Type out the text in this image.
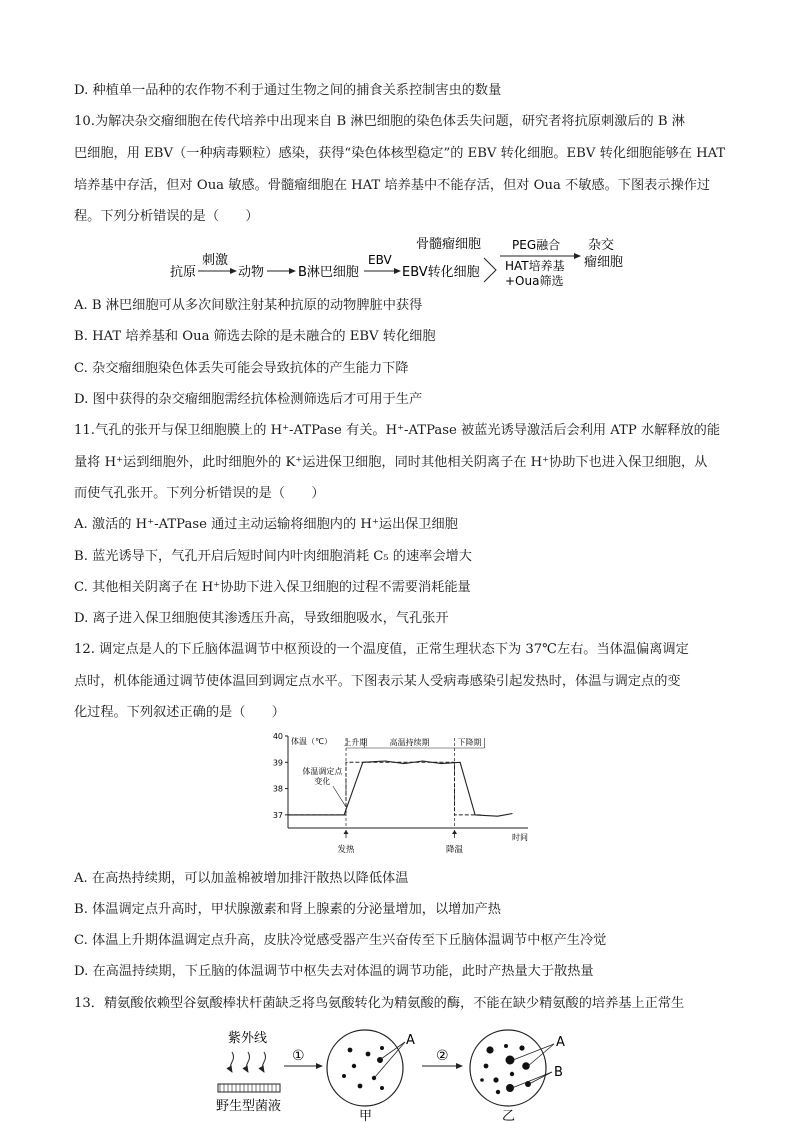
D. 种植单一品种的农作物不利于通过生物之间的捕食关系控制害虫的数量
10.为解决杂交瘤细胞在传代培养中出现来自 B 淋巴细胞的染色体丢失问题，研究者将抗原刺激后的 B 淋
巴细胞，用 EBV（一种病毒颗粒）感染，获得“染色体核型稳定”的 EBV 转化细胞。EBV 转化细胞能够在 HAT
培养基中存活，但对 Oua 敏感。骨髓瘤细胞在 HAT 培养基中不能存活，但对 Oua 不敏感。下图表示操作过
程。下列分析错误的是（　　）
抗原
刺激
动物	B淋巴细胞
EBV
EBV转化细胞
骨髓瘤细胞	PEG融合
HAT培养基
+Oua筛选
杂交
瘤细胞
A. B 淋巴细胞可从多次间歇注射某种抗原的动物脾脏中获得
B. HAT 培养基和 Oua 筛选去除的是未融合的 EBV 转化细胞
C. 杂交瘤细胞染色体丢失可能会导致抗体的产生能力下降
D. 图中获得的杂交瘤细胞需经抗体检测筛选后才可用于生产
11.气孔的张开与保卫细胞膜上的 H⁺-ATPase 有关。H⁺-ATPase 被蓝光诱导激活后会利用 ATP 水解释放的能
量将 H⁺运到细胞外，此时细胞外的 K⁺运进保卫细胞，同时其他相关阴离子在 H⁺协助下也进入保卫细胞，从
而使气孔张开。下列分析错误的是（　　）
A. 激活的 H⁺-ATPase 通过主动运输将细胞内的 H⁺运出保卫细胞
B. 蓝光诱导下，气孔开启后短时间内叶肉细胞消耗 C₅ 的速率会增大
C. 其他相关阴离子在 H⁺协助下进入保卫细胞的过程不需要消耗能量
D. 离子进入保卫细胞使其渗透压升高，导致细胞吸水，气孔张开
12. 调定点是人的下丘脑体温调节中枢预设的一个温度值，正常生理状态下为 37℃左右。当体温偏离调定
点时，机体能通过调节使体温回到调定点水平。下图表示某人受病毒感染引起发热时，体温与调定点的变
化过程。下列叙述正确的是（　　）
37
38
39
40
体温（℃）
时间
上升期	高温持续期	下降期
体温调定点
变化
发热	降温
A. 在高热持续期，可以加盖棉被增加排汗散热以降低体温
B. 体温调定点升高时，甲状腺激素和肾上腺素的分泌量增加，以增加产热
C. 体温上升期体温调定点升高，皮肤冷觉感受器产生兴奋传至下丘脑体温调节中枢产生冷觉
D. 在高温持续期，下丘脑的体温调节中枢失去对体温的调节功能，此时产热量大于散热量
13．精氨酸依赖型谷氨酸棒状杆菌缺乏将鸟氨酸转化为精氨酸的酶，不能在缺少精氨酸的培养基上正常生
紫外线
野生型菌液
①
A
甲
②
A
B
乙
